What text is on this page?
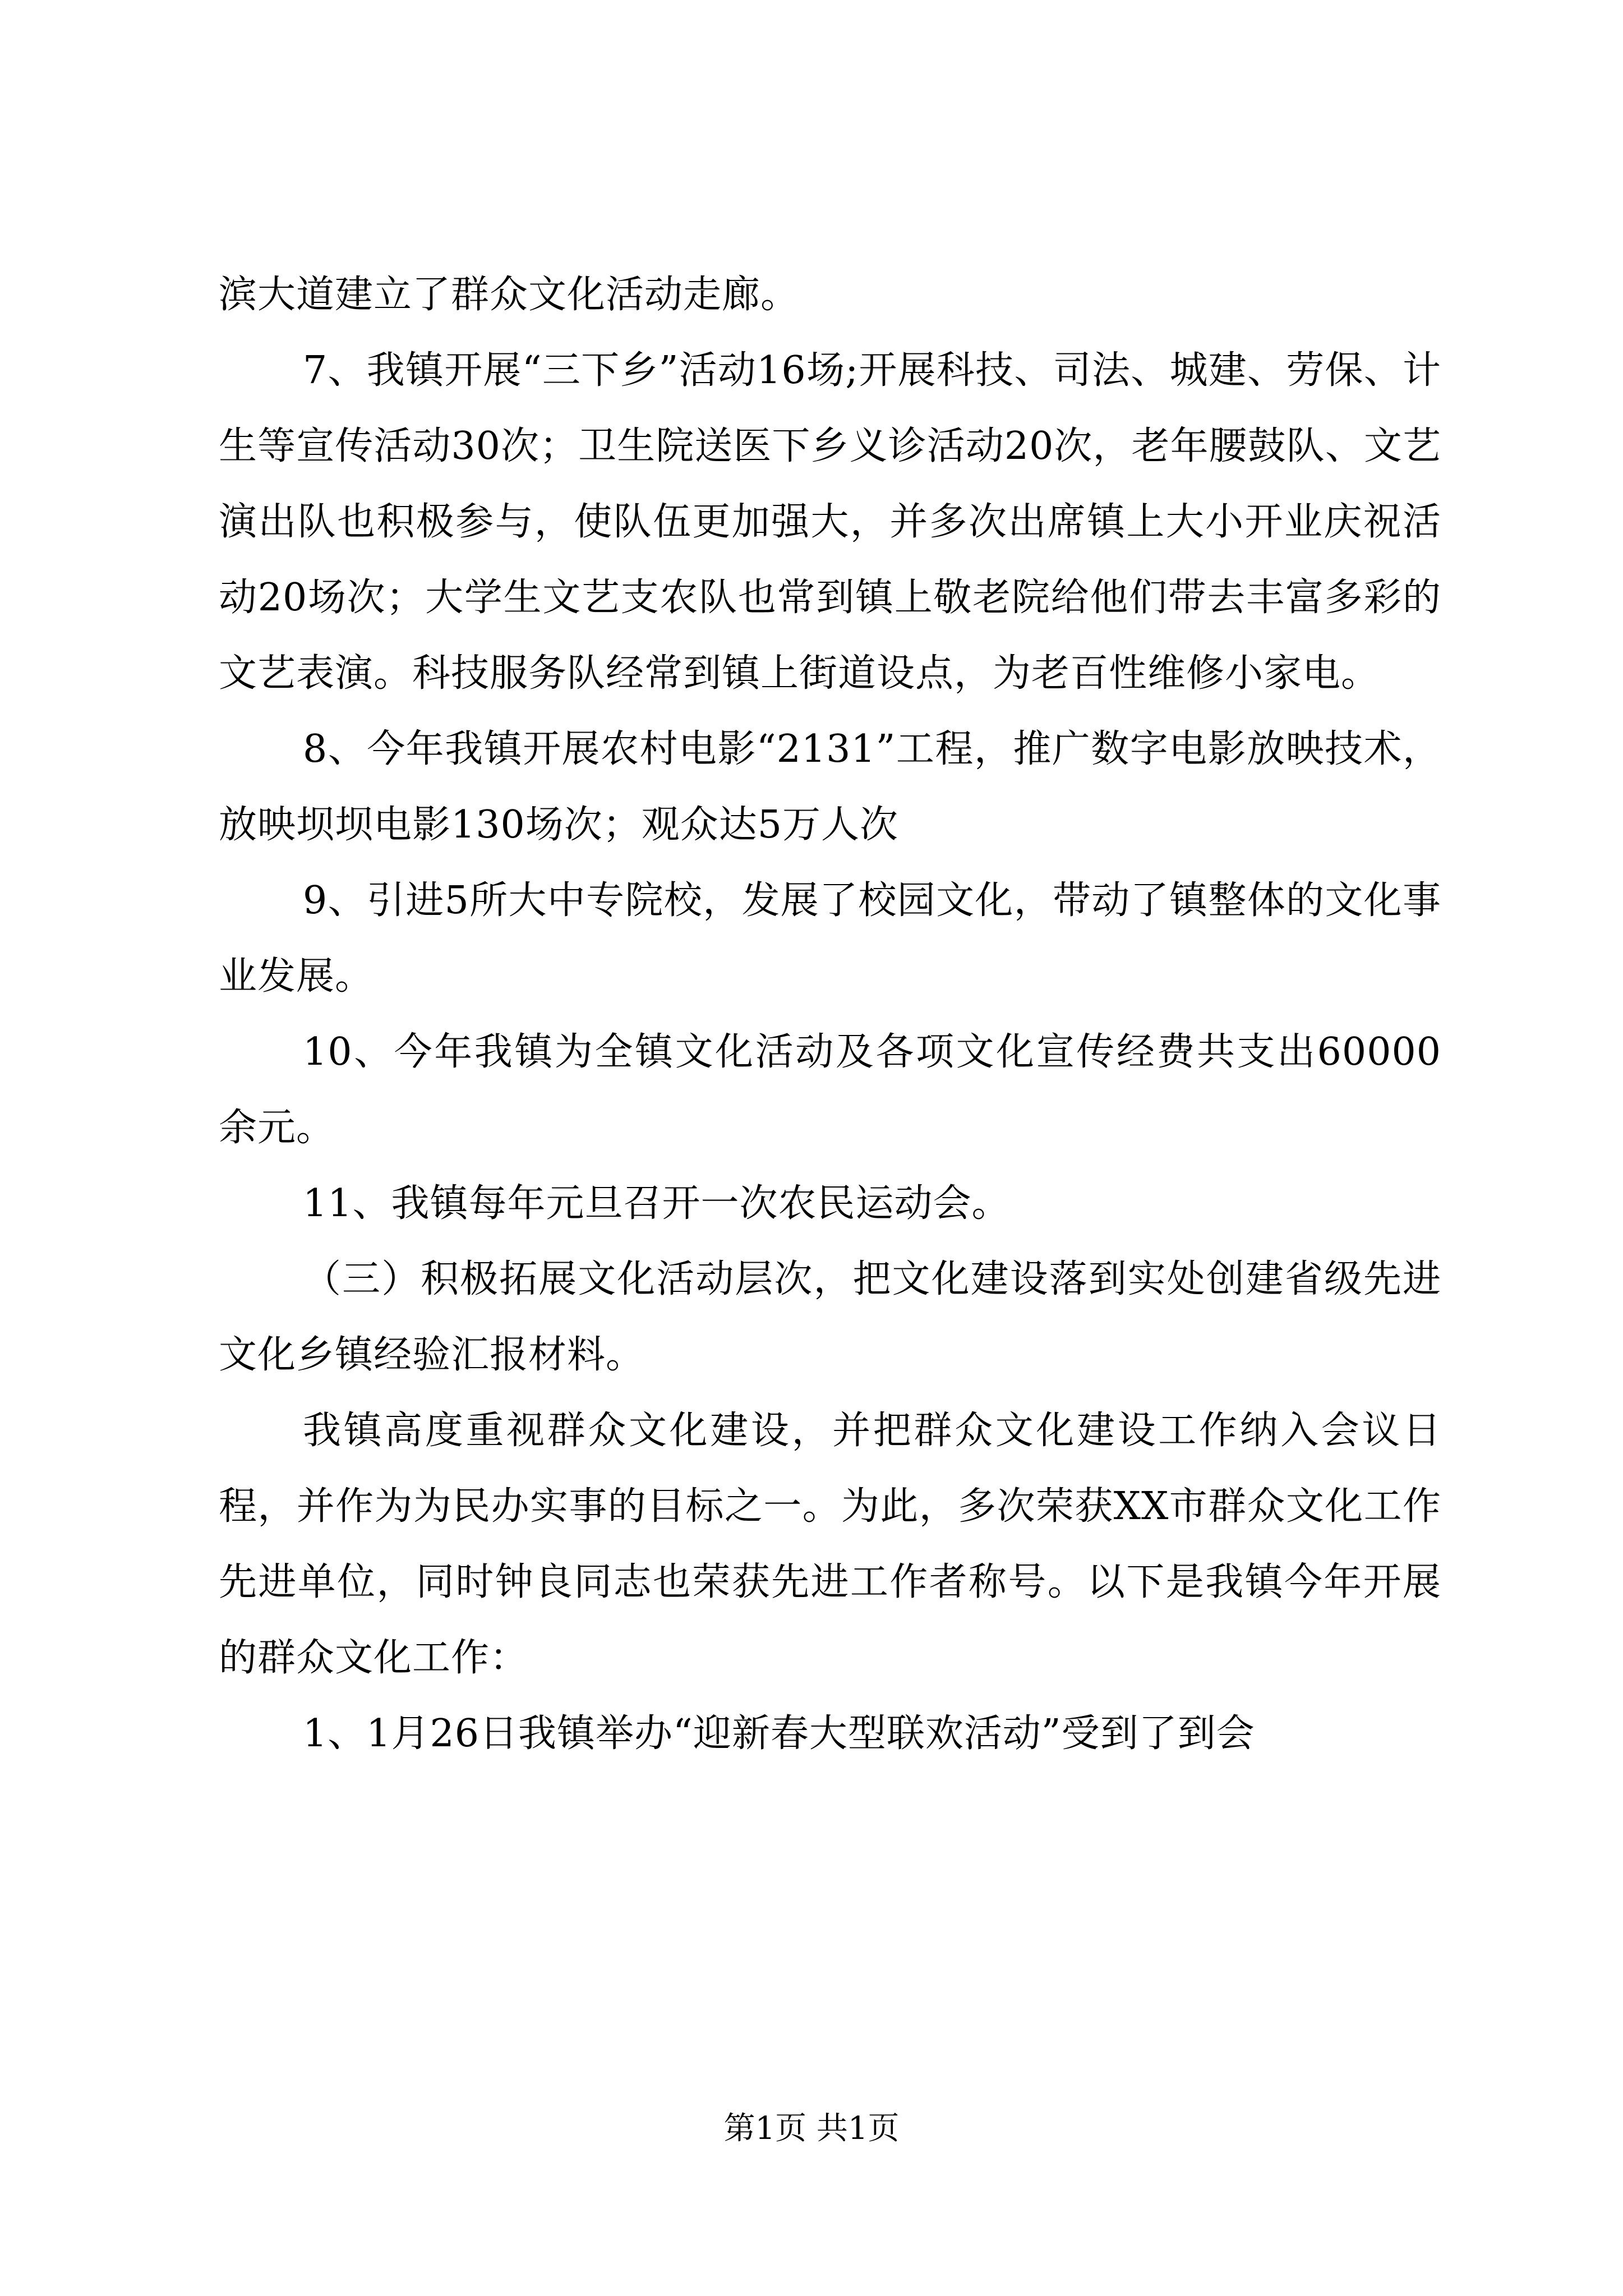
滨大道建立了群众文化活动走廊。

7、我镇开展“三下乡”活动16场;开展科技、司法、城建、劳保、计生等宣传活动30次；卫生院送医下乡义诊活动20次，老年腰鼓队、文艺演出队也积极参与，使队伍更加强大，并多次出席镇上大小开业庆祝活动20场次；大学生文艺支农队也常到镇上敬老院给他们带去丰富多彩的文艺表演。科技服务队经常到镇上街道设点，为老百性维修小家电。

8、今年我镇开展农村电影“2131”工程，推广数字电影放映技术，放映坝坝电影130场次；观众达5万人次

9、引进5所大中专院校，发展了校园文化，带动了镇整体的文化事业发展。

10、今年我镇为全镇文化活动及各项文化宣传经费共支出60000余元。

11、我镇每年元旦召开一次农民运动会。

（三）积极拓展文化活动层次，把文化建设落到实处创建省级先进文化乡镇经验汇报材料。

我镇高度重视群众文化建设，并把群众文化建设工作纳入会议日程，并作为为民办实事的目标之一。为此，多次荣获XX市群众文化工作先进单位，同时钟良同志也荣获先进工作者称号。以下是我镇今年开展的群众文化工作：

1、1月26日我镇举办“迎新春大型联欢活动”受到了到会

第1页 共1页
